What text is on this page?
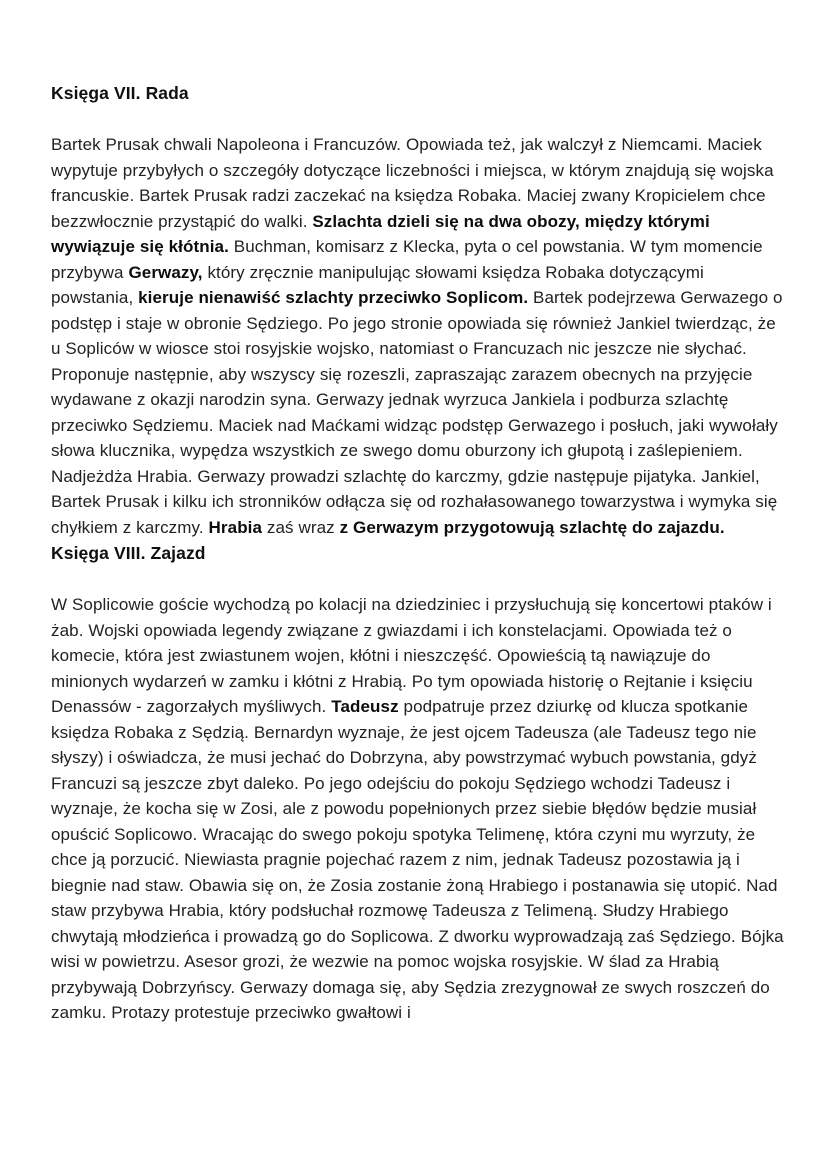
Księga VII. Rada

Bartek Prusak chwali Napoleona i Francuzów. Opowiada też, jak walczył z Niemcami. Maciek wypytuje przybyłych o szczegóły dotyczące liczebności i miejsca, w którym znajdują się wojska francuskie. Bartek Prusak radzi zaczekać na księdza Robaka. Maciej zwany Kropicielem chce bezzwłocznie przystąpić do walki. Szlachta dzieli się na dwa obozy, między którymi wywiązuje się kłótnia. Buchman, komisarz z Klecka, pyta o cel powstania. W tym momencie przybywa Gerwazy, który zręcznie manipulując słowami księdza Robaka dotyczącymi powstania, kieruje nienawiść szlachty przeciwko Soplicom. Bartek podejrzewa Gerwazego o podstęp i staje w obronie Sędziego. Po jego stronie opowiada się również Jankiel twierdząc, że u Sopliców w wiosce stoi rosyjskie wojsko, natomiast o Francuzach nic jeszcze nie słychać. Proponuje następnie, aby wszyscy się rozeszli, zapraszając zarazem obecnych na przyjęcie wydawane z okazji narodzin syna. Gerwazy jednak wyrzuca Jankiela i podburza szlachtę przeciwko Sędziemu. Maciek nad Maćkami widząc podstęp Gerwazego i posłuch, jaki wywołały słowa klucznika, wypędza wszystkich ze swego domu oburzony ich głupotą i zaślepieniem. Nadjeżdża Hrabia. Gerwazy prowadzi szlachtę do karczmy, gdzie następuje pijatyka. Jankiel, Bartek Prusak i kilku ich stronników odłącza się od rozhałasowanego towarzystwa i wymyka się chyłkiem z karczmy. Hrabia zaś wraz z Gerwazym przygotowują szlachtę do zajazdu.

Księga VIII. Zajazd

W Soplicowie goście wychodzą po kolacji na dziedziniec i przysłuchują się koncertowi ptaków i żab. Wojski opowiada legendy związane z gwiazdami i ich konstelacjami. Opowiada też o komecie, która jest zwiastunem wojen, kłótni i nieszczęść. Opowieścią tą nawiązuje do minionych wydarzeń w zamku i kłótni z Hrabią. Po tym opowiada historię o Rejtanie i księciu Denassów - zagorzałych myśliwych. Tadeusz podpatruje przez dziurkę od klucza spotkanie księdza Robaka z Sędzią. Bernardyn wyznaje, że jest ojcem Tadeusza (ale Tadeusz tego nie słyszy) i oświadcza, że musi jechać do Dobrzyna, aby powstrzymać wybuch powstania, gdyż Francuzi są jeszcze zbyt daleko. Po jego odejściu do pokoju Sędziego wchodzi Tadeusz i wyznaje, że kocha się w Zosi, ale z powodu popełnionych przez siebie błędów będzie musiał opuścić Soplicowo. Wracając do swego pokoju spotyka Telimenę, która czyni mu wyrzuty, że chce ją porzucić. Niewiasta pragnie pojechać razem z nim, jednak Tadeusz pozostawia ją i biegnie nad staw. Obawia się on, że Zosia zostanie żoną Hrabiego i postanawia się utopić. Nad staw przybywa Hrabia, który podsłuchał rozmowę Tadeusza z Telimeną. Słudzy Hrabiego chwytają młodzieńca i prowadzą go do Soplicowa. Z dworku wyprowadzają zaś Sędziego. Bójka wisi w powietrzu. Asesor grozi, że wezwie na pomoc wojska rosyjskie. W ślad za Hrabią przybywają Dobrzyńscy. Gerwazy domaga się, aby Sędzia zrezygnował ze swych roszczeń do zamku. Protazy protestuje przeciwko gwałtowi i
